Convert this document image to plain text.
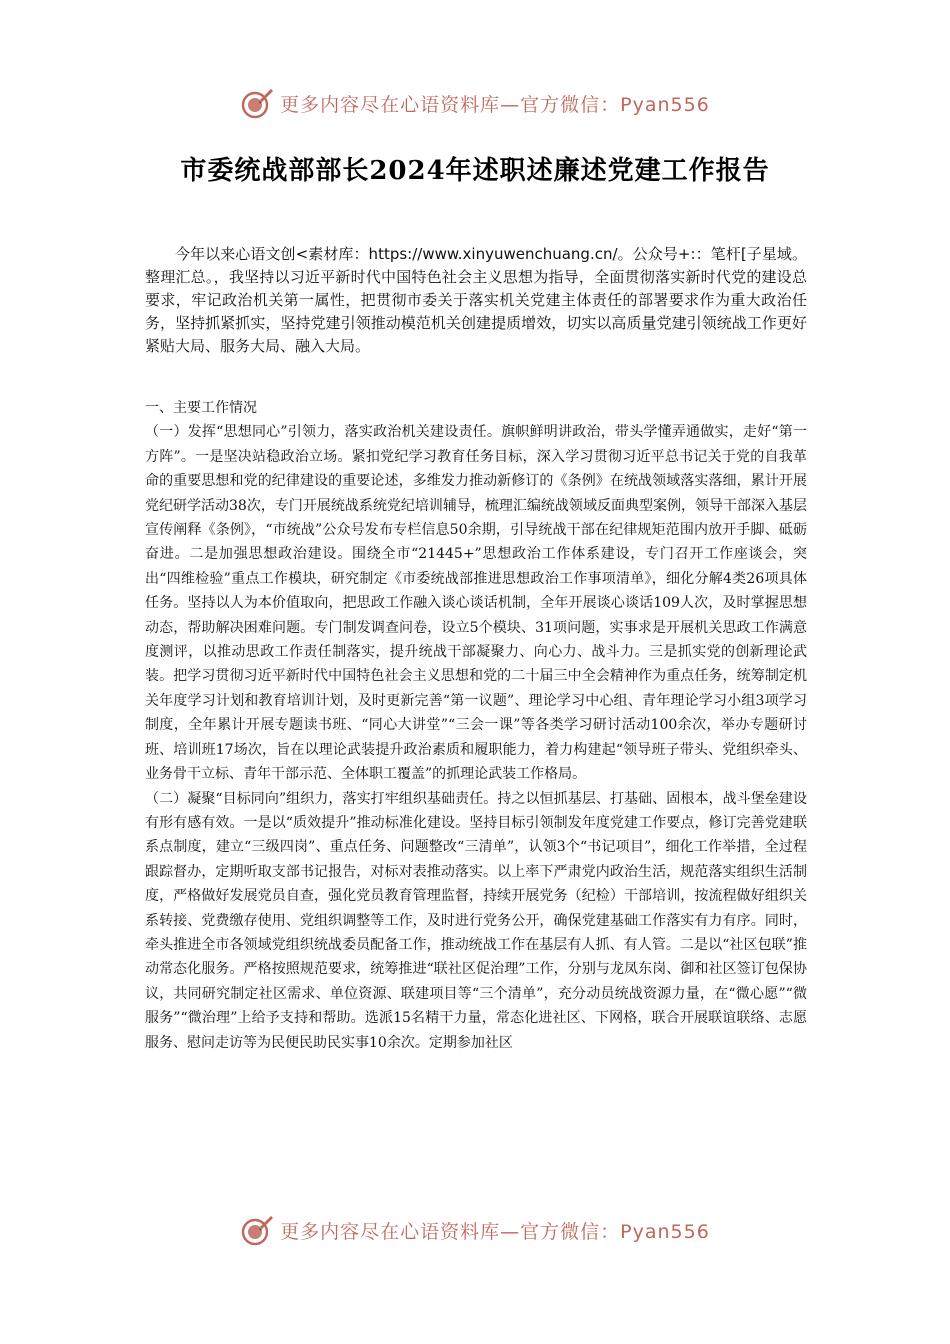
更多内容尽在心语资料库—官方微信：Pyan556
市委统战部部长2024年述职述廉述党建工作报告
今年以来心语文创<素材库：https://www.xinyuwenchuang.cn/。公众号+:：笔杆[子星域。整理汇总。，我坚持以习近平新时代中国特色社会主义思想为指导，全面贯彻落实新时代党的建设总要求，牢记政治机关第一属性，把贯彻市委关于落实机关党建主体责任的部署要求作为重大政治任务，坚持抓紧抓实，坚持党建引领推动模范机关创建提质增效，切实以高质量党建引领统战工作更好紧贴大局、服务大局、融入大局。

一、主要工作情况

（一）发挥“思想同心”引领力，落实政治机关建设责任。旗帜鲜明讲政治，带头学懂弄通做实，走好“第一方阵”。一是坚决站稳政治立场。紧扣党纪学习教育任务目标，深入学习贯彻习近平总书记关于党的自我革命的重要思想和党的纪律建设的重要论述，多维发力推动新修订的《条例》在统战领域落实落细，累计开展党纪研学活动38次，专门开展统战系统党纪培训辅导，梳理汇编统战领域反面典型案例，领导干部深入基层宣传阐释《条例》，“市统战”公众号发布专栏信息50余期，引导统战干部在纪律规矩范围内放开手脚、砥砺奋进。二是加强思想政治建设。围绕全市“21445+”思想政治工作体系建设，专门召开工作座谈会，突出“四维检验”重点工作模块，研究制定《市委统战部推进思想政治工作事项清单》，细化分解4类26项具体任务。坚持以人为本价值取向，把思政工作融入谈心谈话机制，全年开展谈心谈话109人次，及时掌握思想动态，帮助解决困难问题。专门制发调查问卷，设立5个模块、31项问题，实事求是开展机关思政工作满意度测评，以推动思政工作责任制落实，提升统战干部凝聚力、向心力、战斗力。三是抓实党的创新理论武装。把学习贯彻习近平新时代中国特色社会主义思想和党的二十届三中全会精神作为重点任务，统筹制定机关年度学习计划和教育培训计划，及时更新完善“第一议题”、理论学习中心组、青年理论学习小组3项学习制度，全年累计开展专题读书班、“同心大讲堂”“三会一课”等各类学习研讨活动100余次，举办专题研讨班、培训班17场次，旨在以理论武装提升政治素质和履职能力，着力构建起“领导班子带头、党组织牵头、业务骨干立标、青年干部示范、全体职工覆盖”的抓理论武装工作格局。

（二）凝聚“目标同向”组织力，落实打牢组织基础责任。持之以恒抓基层、打基础、固根本，战斗堡垒建设有形有感有效。一是以“质效提升”推动标准化建设。坚持目标引领制发年度党建工作要点，修订完善党建联系点制度，建立“三级四岗”、重点任务、问题整改“三清单”，认领3个“书记项目”，细化工作举措，全过程跟踪督办，定期听取支部书记报告，对标对表推动落实。以上率下严肃党内政治生活，规范落实组织生活制度，严格做好发展党员自查，强化党员教育管理监督，持续开展党务（纪检）干部培训，按流程做好组织关系转接、党费缴存使用、党组织调整等工作，及时进行党务公开，确保党建基础工作落实有力有序。同时，牵头推进全市各领域党组织统战委员配备工作，推动统战工作在基层有人抓、有人管。二是以“社区包联”推动常态化服务。严格按照规范要求，统筹推进“联社区促治理”工作，分别与龙凤东岗、御和社区签订包保协议，共同研究制定社区需求、单位资源、联建项目等“三个清单”，充分动员统战资源力量，在“微心愿”“微服务”“微治理”上给予支持和帮助。选派15名精干力量，常态化进社区、下网格，联合开展联谊联络、志愿服务、慰问走访等为民便民助民实事10余次。定期参加社区

更多内容尽在心语资料库—官方微信：Pyan556
